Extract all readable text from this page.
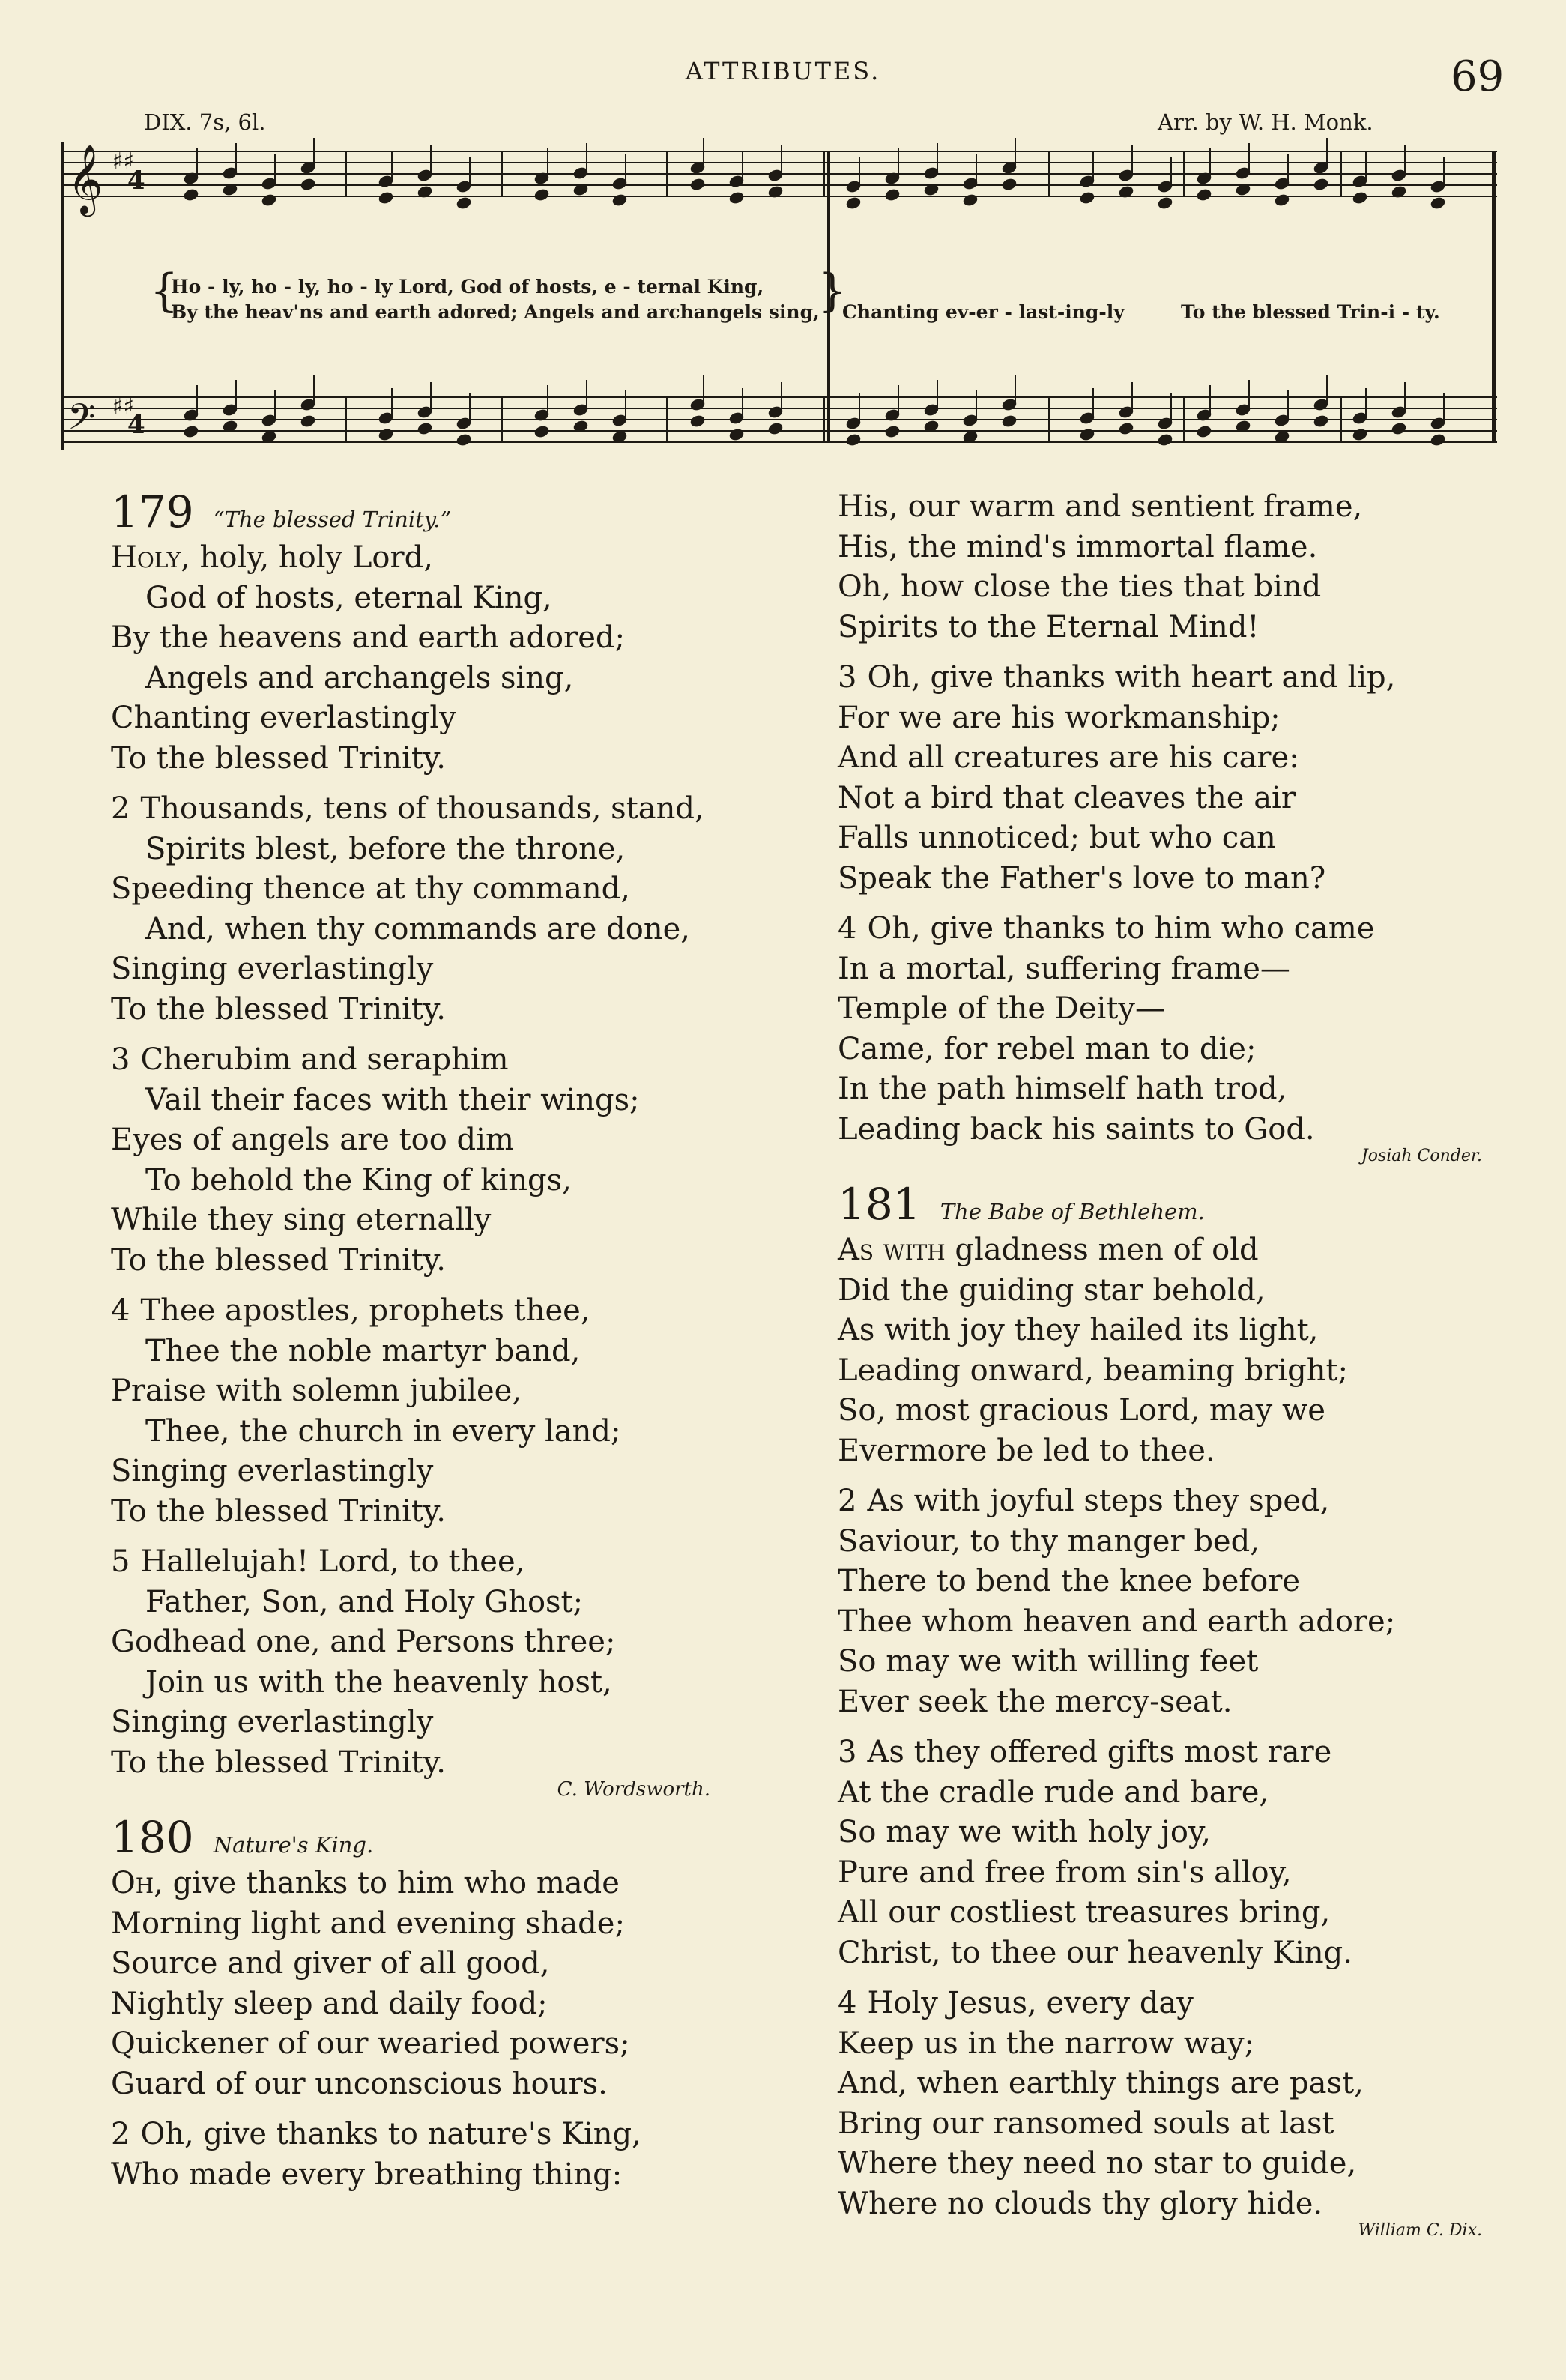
ATTRIBUTES.	69
DIX. 7s, 6l.	Arr. by W. H. Monk.
𝄞
𝄢
♯♯
♯♯
4
4
{
Ho - ly, ho - ly, ho - ly Lord, God of hosts, e - ternal King,
By the heav'ns and earth adored; Angels and archangels sing,
}
Chanting ev-er - last-ing-ly	To the blessed Trin-i - ty.
179 “The blessed Trinity.”
Holy, holy, holy Lord,
God of hosts, eternal King,
By the heavens and earth adored;
Angels and archangels sing,
Chanting everlastingly
To the blessed Trinity.
2 Thousands, tens of thousands, stand,
Spirits blest, before the throne,
Speeding thence at thy command,
And, when thy commands are done,
Singing everlastingly
To the blessed Trinity.
3 Cherubim and seraphim
Vail their faces with their wings;
Eyes of angels are too dim
To behold the King of kings,
While they sing eternally
To the blessed Trinity.
4 Thee apostles, prophets thee,
Thee the noble martyr band,
Praise with solemn jubilee,
Thee, the church in every land;
Singing everlastingly
To the blessed Trinity.
5 Hallelujah! Lord, to thee,
Father, Son, and Holy Ghost;
Godhead one, and Persons three;
Join us with the heavenly host,
Singing everlastingly
To the blessed Trinity.
C. Wordsworth.
180 Nature's King.
Oh, give thanks to him who made
Morning light and evening shade;
Source and giver of all good,
Nightly sleep and daily food;
Quickener of our wearied powers;
Guard of our unconscious hours.
2 Oh, give thanks to nature's King,
Who made every breathing thing:
His, our warm and sentient frame,
His, the mind's immortal flame.
Oh, how close the ties that bind
Spirits to the Eternal Mind!
3 Oh, give thanks with heart and lip,
For we are his workmanship;
And all creatures are his care:
Not a bird that cleaves the air
Falls unnoticed; but who can
Speak the Father's love to man?
4 Oh, give thanks to him who came
In a mortal, suffering frame—
Temple of the Deity—
Came, for rebel man to die;
In the path himself hath trod,
Leading back his saints to God.
Josiah Conder.
181 The Babe of Bethlehem.
As with gladness men of old
Did the guiding star behold,
As with joy they hailed its light,
Leading onward, beaming bright;
So, most gracious Lord, may we
Evermore be led to thee.
2 As with joyful steps they sped,
Saviour, to thy manger bed,
There to bend the knee before
Thee whom heaven and earth adore;
So may we with willing feet
Ever seek the mercy-seat.
3 As they offered gifts most rare
At the cradle rude and bare,
So may we with holy joy,
Pure and free from sin's alloy,
All our costliest treasures bring,
Christ, to thee our heavenly King.
4 Holy Jesus, every day
Keep us in the narrow way;
And, when earthly things are past,
Bring our ransomed souls at last
Where they need no star to guide,
Where no clouds thy glory hide.
William C. Dix.
